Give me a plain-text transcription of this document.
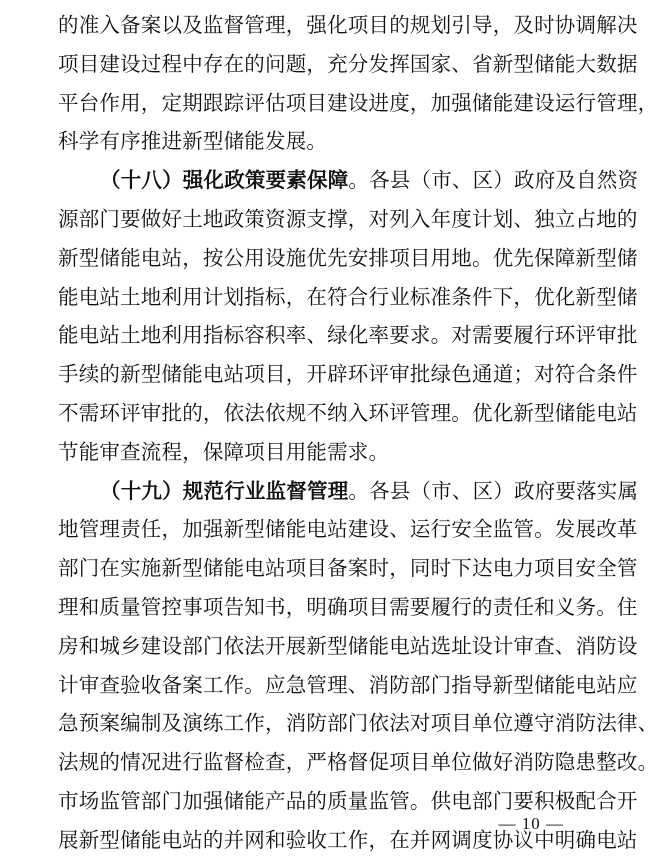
的准入备案以及监督管理，强化项目的规划引导，及时协调解决
项目建设过程中存在的问题，充分发挥国家、省新型储能大数据
平台作用，定期跟踪评估项目建设进度，加强储能建设运行管理，
科学有序推进新型储能发展。
（十八）强化政策要素保障。各县（市、区）政府及自然资
源部门要做好土地政策资源支撑，对列入年度计划、独立占地的
新型储能电站，按公用设施优先安排项目用地。优先保障新型储
能电站土地利用计划指标，在符合行业标准条件下，优化新型储
能电站土地利用指标容积率、绿化率要求。对需要履行环评审批
手续的新型储能电站项目，开辟环评审批绿色通道；对符合条件
不需环评审批的，依法依规不纳入环评管理。优化新型储能电站
节能审查流程，保障项目用能需求。
（十九）规范行业监督管理。各县（市、区）政府要落实属
地管理责任，加强新型储能电站建设、运行安全监管。发展改革
部门在实施新型储能电站项目备案时，同时下达电力项目安全管
理和质量管控事项告知书，明确项目需要履行的责任和义务。住
房和城乡建设部门依法开展新型储能电站选址设计审查、消防设
计审查验收备案工作。应急管理、消防部门指导新型储能电站应
急预案编制及演练工作，消防部门依法对项目单位遵守消防法律、
法规的情况进行监督检查，严格督促项目单位做好消防隐患整改。
市场监管部门加强储能产品的质量监管。供电部门要积极配合开
展新型储能电站的并网和验收工作，在并网调度协议中明确电站
— 10 —
